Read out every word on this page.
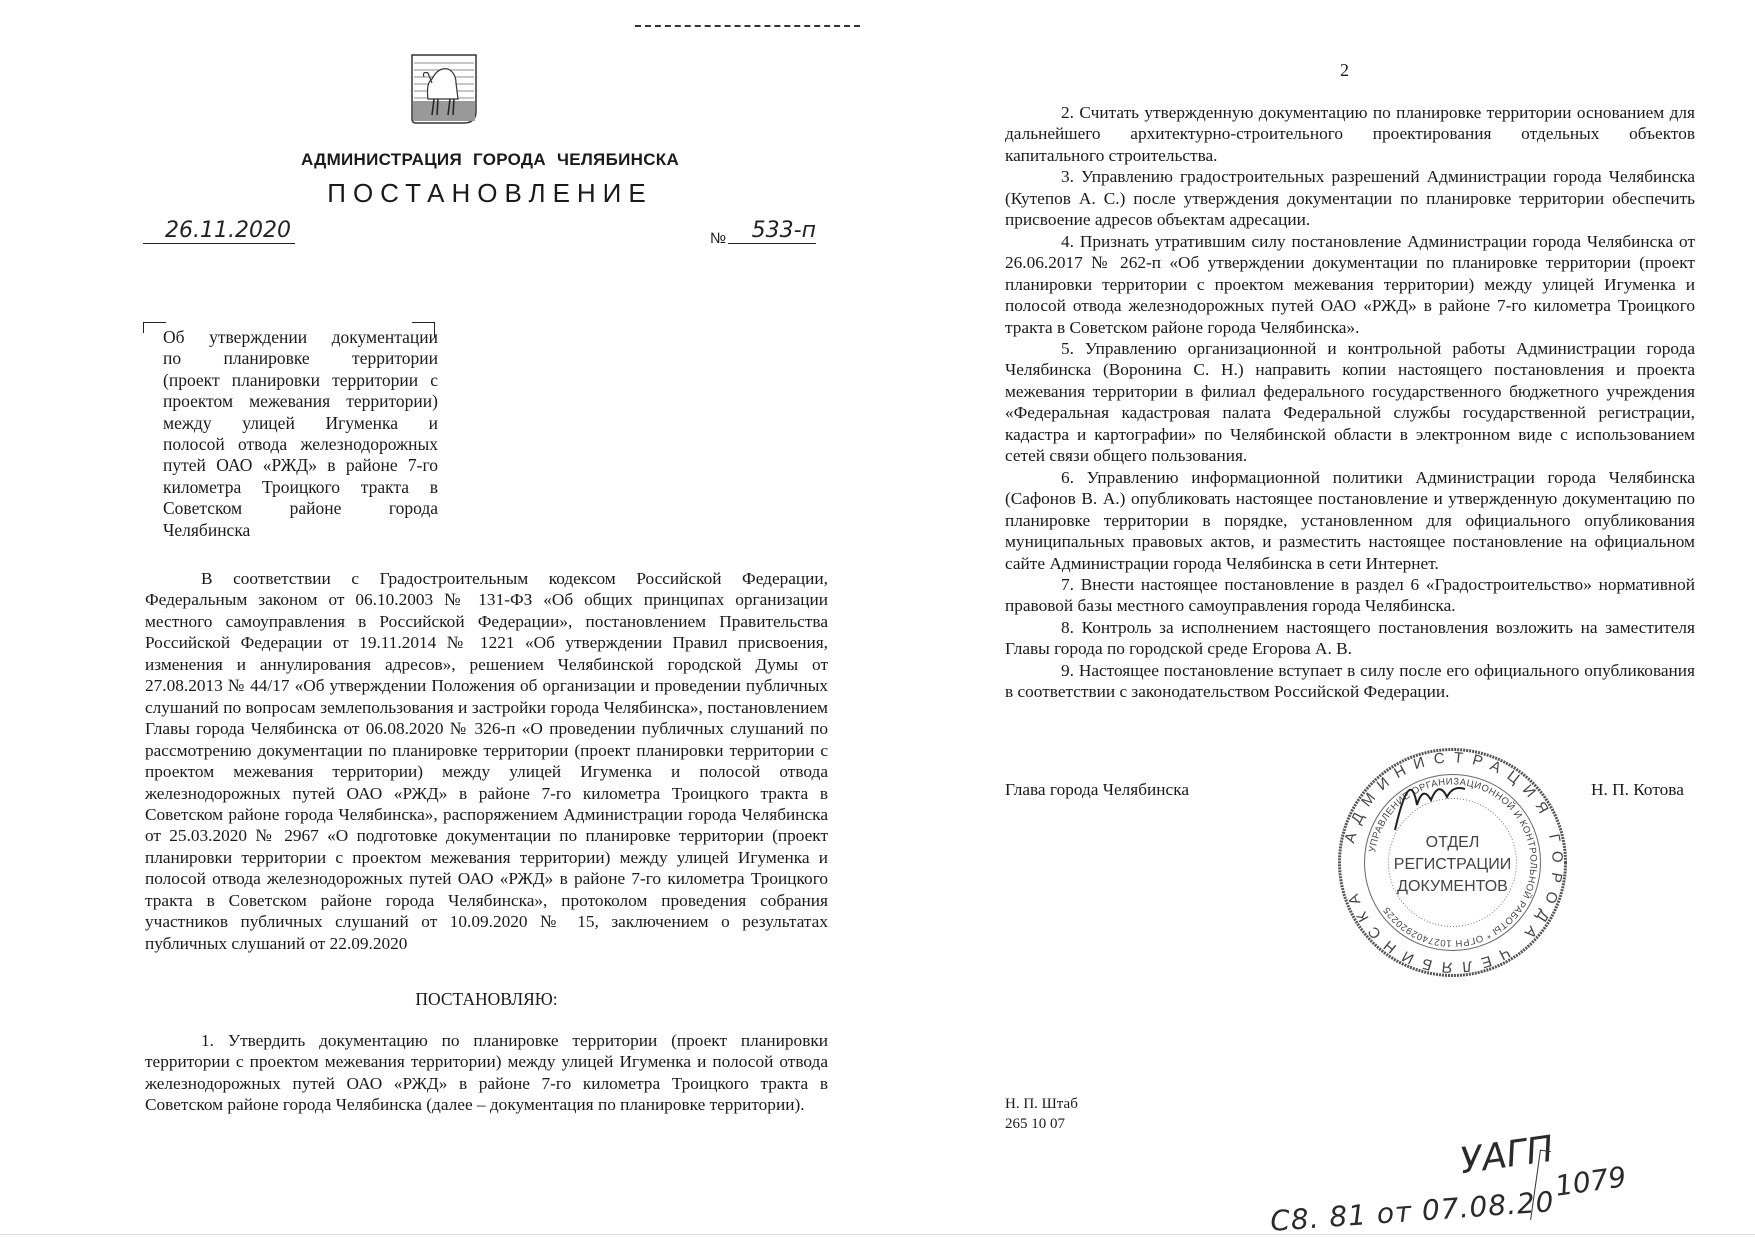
АДМИНИСТРАЦИЯ ГОРОДА ЧЕЛЯБИНСКА
ПОСТАНОВЛЕНИЕ
26.11.2020	№	533-п

Об утверждении документации

по планировке территории

(проект планировки территории с

проектом межевания территории)

между улицей Игуменка и

полосой отвода железнодорожных

путей ОАО «РЖД» в районе 7-го

километра Троицкого тракта в

Советском районе города

Челябинска

В соответствии с Градостроительным кодексом Российской Федерации, Федеральным законом от 06.10.2003 № 131-ФЗ «Об общих принципах организации местного самоуправления в Российской Федерации», постановлением Правительства Российской Федерации от 19.11.2014 № 1221 «Об утверждении Правил присвоения, изменения и аннулирования адресов», решением Челябинской городской Думы от 27.08.2013 № 44/17 «Об утверждении Положения об организации и проведении публичных слушаний по вопросам землепользования и застройки города Челябинска», постановлением Главы города Челябинска от 06.08.2020 № 326-п «О проведении публичных слушаний по рассмотрению документации по планировке территории (проект планировки территории с проектом межевания территории) между улицей Игуменка и полосой отвода железнодорожных путей ОАО «РЖД» в районе 7-го километра Троицкого тракта в Советском районе города Челябинска», распоряжением Администрации города Челябинска от 25.03.2020 № 2967 «О подготовке документации по планировке территории (проект планировки территории с проектом межевания территории) между улицей Игуменка и полосой отвода железнодорожных путей ОАО «РЖД» в районе 7-го километра Троицкого тракта в Советском районе города Челябинска», протоколом проведения собрания участников публичных слушаний от 10.09.2020 № 15, заключением о результатах публичных слушаний от 22.09.2020

ПОСТАНОВЛЯЮ:

1. Утвердить документацию по планировке территории (проект планировки территории с проектом межевания территории) между улицей Игуменка и полосой отвода железнодорожных путей ОАО «РЖД» в районе 7-го километра Троицкого тракта в Советском районе города Челябинска (далее – документация по планировке территории).

2

2. Считать утвержденную документацию по планировке территории основанием для дальнейшего архитектурно-строительного проектирования отдельных объектов капитального строительства.

3. Управлению градостроительных разрешений Администрации города Челябинска (Кутепов А. С.) после утверждения документации по планировке территории обеспечить присвоение адресов объектам адресации.

4. Признать утратившим силу постановление Администрации города Челябинска от 26.06.2017 № 262-п «Об утверждении документации по планировке территории (проект планировки территории с проектом межевания территории) между улицей Игуменка и полосой отвода железнодорожных путей ОАО «РЖД» в районе 7-го километра Троицкого тракта в Советском районе города Челябинска».

5. Управлению организационной и контрольной работы Администрации города Челябинска (Воронина С. Н.) направить копии настоящего постановления и проекта межевания территории в филиал федерального государственного бюджетного учреждения «Федеральная кадастровая палата Федеральной службы государственной регистрации, кадастра и картографии» по Челябинской области в электронном виде с использованием сетей связи общего пользования.

6. Управлению информационной политики Администрации города Челябинска (Сафонов В. А.) опубликовать настоящее постановление и утвержденную документацию по планировке территории в порядке, установленном для официального опубликования муниципальных правовых актов, и разместить настоящее постановление на официальном сайте Администрации города Челябинска в сети Интернет.

7. Внести настоящее постановление в раздел 6 «Градостроительство» нормативной правовой базы местного самоуправления города Челябинска.

8. Контроль за исполнением настоящего постановления возложить на заместителя Главы города по городской среде Егорова А. В.

9. Настоящее постановление вступает в силу после его официального опубликования в соответствии с законодательством Российской Федерации.

Глава города Челябинска	Н. П. Котова
АДМИНИСТРАЦИЯ ГОРОДА ЧЕЛЯБИНСКА
УПРАВЛЕНИЕ ОРГАНИЗАЦИОННОЙ И КОНТРОЛЬНОЙ РАБОТЫ * ОГРН 1027402920225
ОТДЕЛ
РЕГИСТРАЦИИ
ДОКУМЕНТОВ
Н. П. Штаб
265 10 07
УАГП
1079
С8. 81 от 07.08.20
